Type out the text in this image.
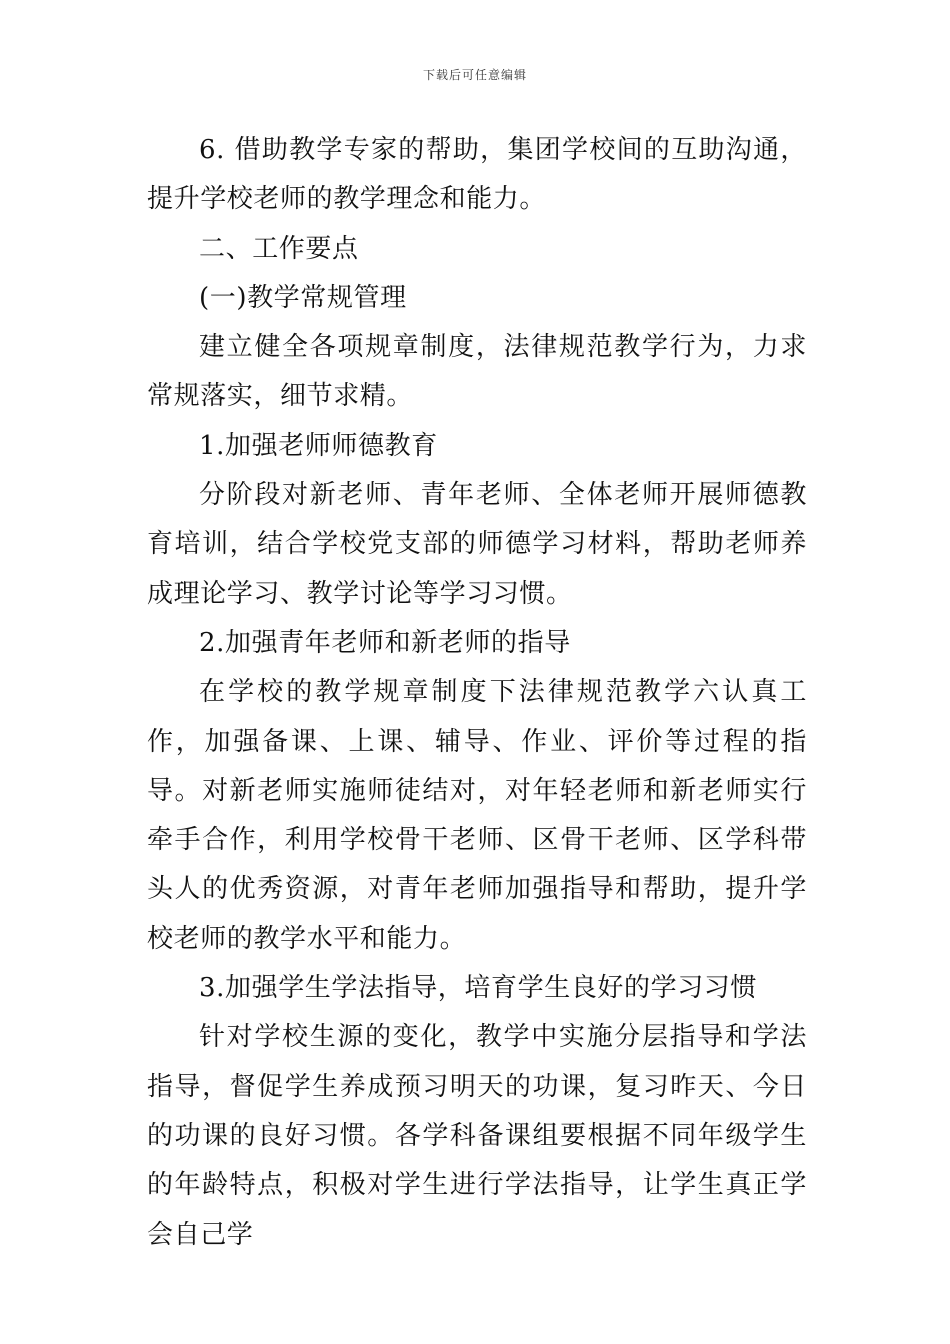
下载后可任意编辑

6. 借助教学专家的帮助，集团学校间的互助沟通，提升学校老师的教学理念和能力。

二、工作要点

(一)教学常规管理

建立健全各项规章制度，法律规范教学行为，力求常规落实，细节求精。

1.加强老师师德教育

分阶段对新老师、青年老师、全体老师开展师德教育培训，结合学校党支部的师德学习材料，帮助老师养成理论学习、教学讨论等学习习惯。

2.加强青年老师和新老师的指导

在学校的教学规章制度下法律规范教学六认真工作，加强备课、上课、辅导、作业、评价等过程的指导。对新老师实施师徒结对，对年轻老师和新老师实行牵手合作，利用学校骨干老师、区骨干老师、区学科带头人的优秀资源，对青年老师加强指导和帮助，提升学校老师的教学水平和能力。

3.加强学生学法指导，培育学生良好的学习习惯

针对学校生源的变化，教学中实施分层指导和学法指导，督促学生养成预习明天的功课，复习昨天、今日的功课的良好习惯。各学科备课组要根据不同年级学生的年龄特点，积极对学生进行学法指导，让学生真正学会自己学
